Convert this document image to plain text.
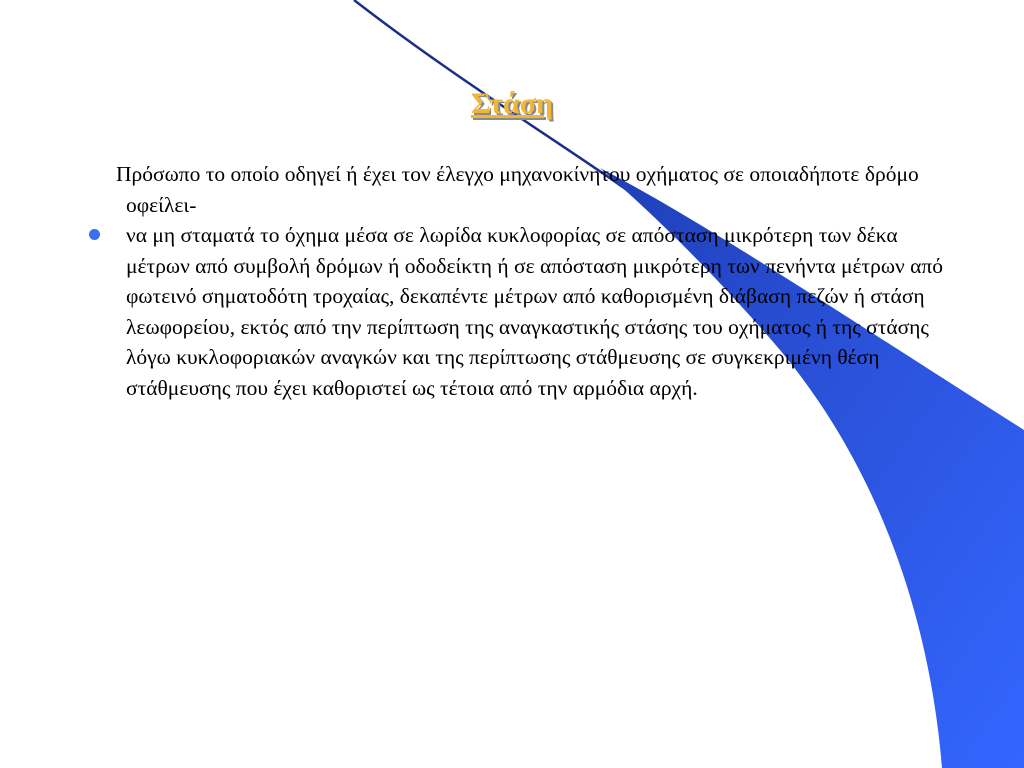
Στάση

Πρόσωπο το οποίο οδηγεί ή έχει τον έλεγχο μηχανοκίνητου οχήματος σε οποιαδήποτε δρόμο οφείλει-

να μη σταματά το όχημα μέσα σε λωρίδα κυκλοφορίας σε απόσταση μικρότερη των δέκα μέτρων από συμβολή δρόμων ή οδοδείκτη ή σε απόσταση μικρότερη των πενήντα μέτρων από φωτεινό σηματοδότη τροχαίας, δεκαπέντε μέτρων από καθορισμένη διάβαση πεζών ή στάση λεωφορείου, εκτός από την περίπτωση της αναγκαστικής στάσης του οχήματος ή της στάσης λόγω κυκλοφοριακών αναγκών και της περίπτωσης στάθμευσης σε συγκεκριμένη θέση στάθμευσης που έχει καθοριστεί ως τέτοια από την αρμόδια αρχή.
